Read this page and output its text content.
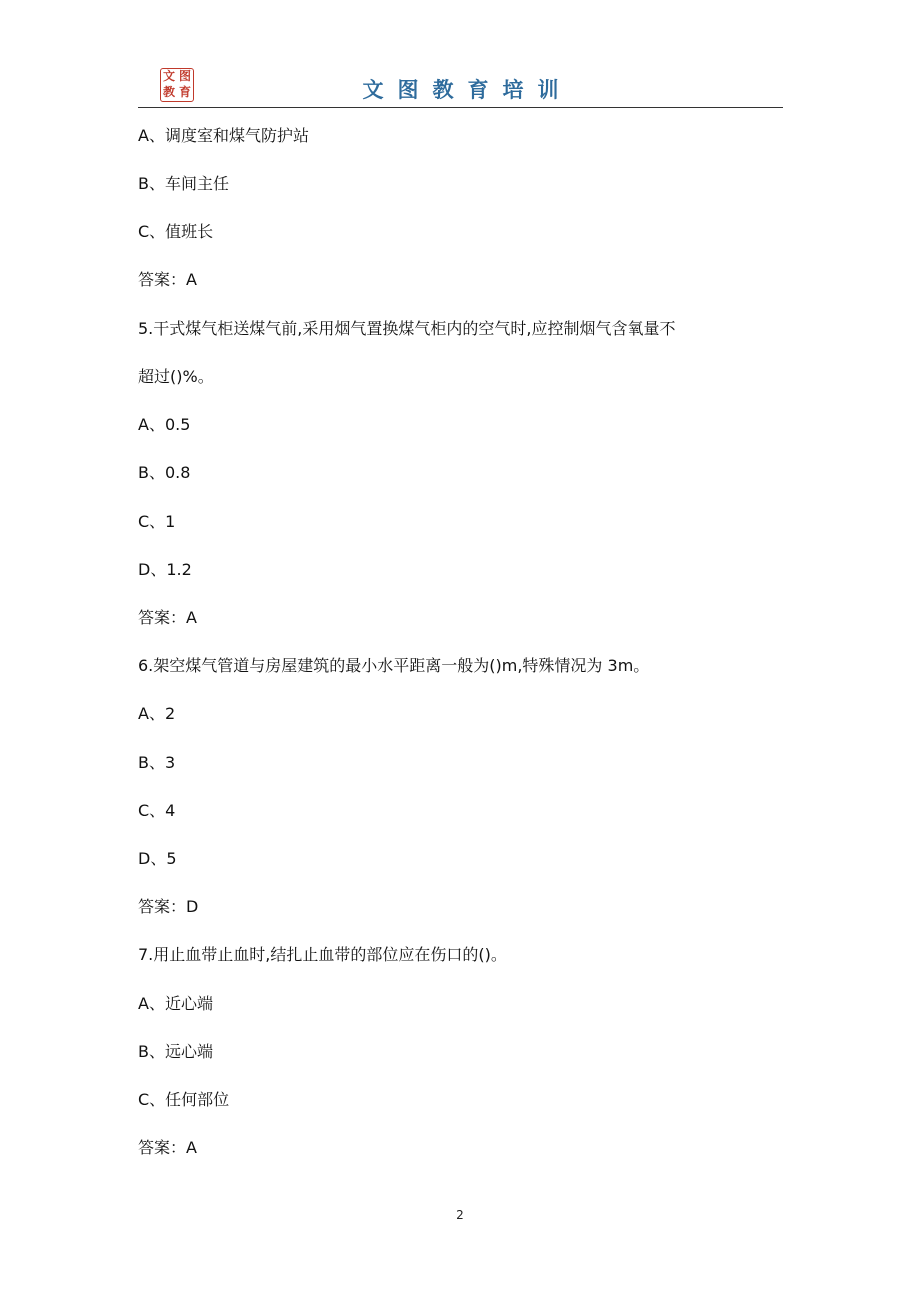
文 图
教 育	文图教育培训
A、调度室和煤气防护站
B、车间主任
C、值班长
答案：A
5.干式煤气柜送煤气前,采用烟气置换煤气柜内的空气时,应控制烟气含氧量不
超过()%。
A、0.5
B、0.8
C、1
D、1.2
答案：A
6.架空煤气管道与房屋建筑的最小水平距离一般为()m,特殊情况为 3m。
A、2
B、3
C、4
D、5
答案：D
7.用止血带止血时,结扎止血带的部位应在伤口的()。
A、近心端
B、远心端
C、任何部位
答案：A
2
